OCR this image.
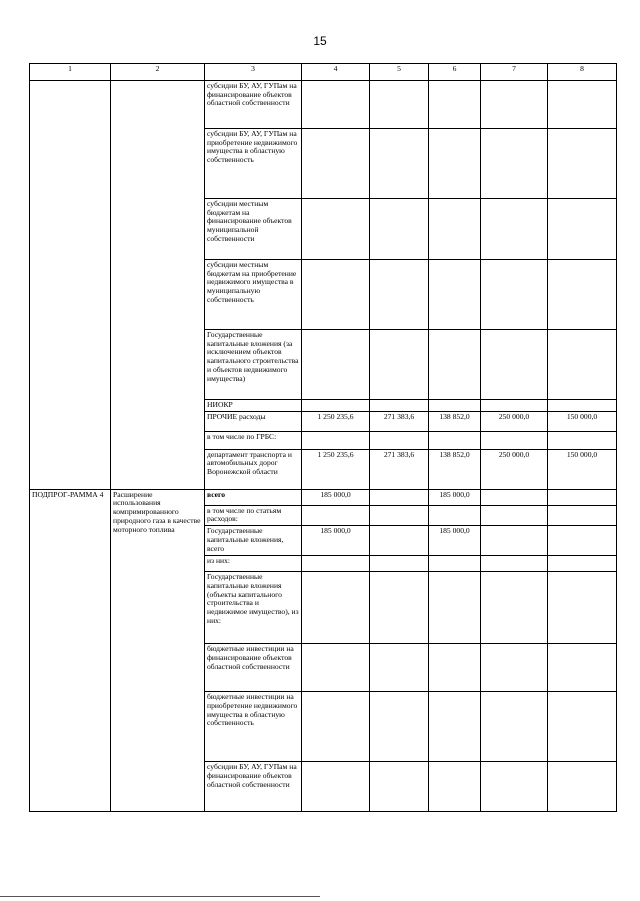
15
1	2	3	4	5	6	7	8
		субсидии БУ, АУ, ГУПам на финансирование объектов областной собственности					
		субсидии БУ, АУ, ГУПам на приобретение недвижимого имущества в областную собственность					
		субсидии местным бюджетам на финансирование объектов муниципальной собственности					
		субсидии местным бюджетам на приобретение недвижимого имущества в муниципальную собственность					
		Государственные капитальные вложения (за исключением объектов капитального строительства и объектов недвижимого имущества)					
		НИОКР					
		ПРОЧИЕ расходы	1 250 235,6	271 383,6	138 852,0	250 000,0	150 000,0
		в том числе по ГРБС:					
		департамент транспорта и автомобильных дорог Воронежской области	1 250 235,6	271 383,6	138 852,0	250 000,0	150 000,0
ПОДПРОГ-РАММА 4	Расширение использования компримированного природного газа в качестве моторного топлива	всего	185 000,0		185 000,0		
		в том числе по статьям расходов:					
		Государственные капитальные вложения, всего	185 000,0		185 000,0		
		из них:					
		Государственные капитальные вложения (объекты капитального строительства и недвижимое имущество), из них:					
		бюджетные инвестиции на финансирование объектов областной собственности					
		бюджетные инвестиции на приобретение недвижимого имущества в областную собственность					
		субсидии БУ, АУ, ГУПам на финансирование объектов областной собственности					
